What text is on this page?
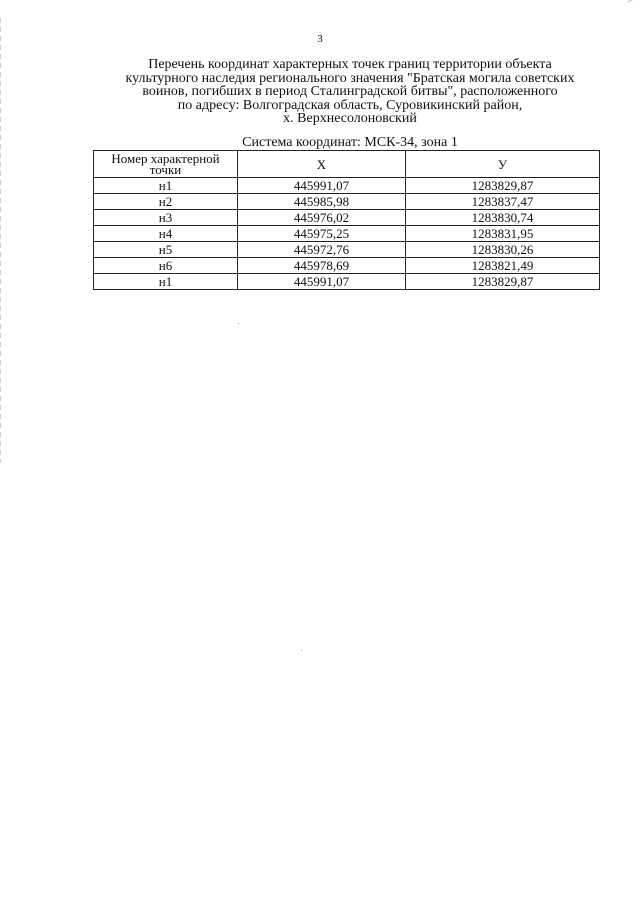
3
Перечень координат характерных точек границ территории объекта
культурного наследия регионального значения "Братская могила советских
воинов, погибших в период Сталинградской битвы", расположенного
по адресу: Волгоградская область, Суровикинский район,
х. Верхнесолоновский
Система координат: МСК-34, зона 1
Номер характерной точки	X	У
н1	445991,07	1283829,87
н2	445985,98	1283837,47
н3	445976,02	1283830,74
н4	445975,25	1283831,95
н5	445972,76	1283830,26
н6	445978,69	1283821,49
н1	445991,07	1283829,87
